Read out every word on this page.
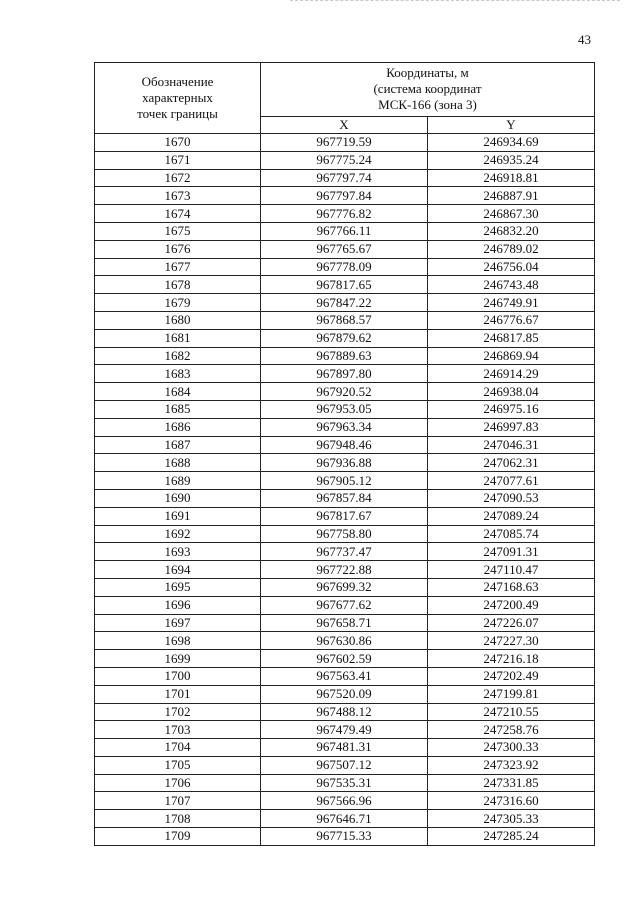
43
Обозначение
характерных
точек границы	Координаты, м
(система координат
МСК-166 (зона 3)	

	X	Y
1670	967719.59	246934.69
1671	967775.24	246935.24
1672	967797.74	246918.81
1673	967797.84	246887.91
1674	967776.82	246867.30
1675	967766.11	246832.20
1676	967765.67	246789.02
1677	967778.09	246756.04
1678	967817.65	246743.48
1679	967847.22	246749.91
1680	967868.57	246776.67
1681	967879.62	246817.85
1682	967889.63	246869.94
1683	967897.80	246914.29
1684	967920.52	246938.04
1685	967953.05	246975.16
1686	967963.34	246997.83
1687	967948.46	247046.31
1688	967936.88	247062.31
1689	967905.12	247077.61
1690	967857.84	247090.53
1691	967817.67	247089.24
1692	967758.80	247085.74
1693	967737.47	247091.31
1694	967722.88	247110.47
1695	967699.32	247168.63
1696	967677.62	247200.49
1697	967658.71	247226.07
1698	967630.86	247227.30
1699	967602.59	247216.18
1700	967563.41	247202.49
1701	967520.09	247199.81
1702	967488.12	247210.55
1703	967479.49	247258.76
1704	967481.31	247300.33
1705	967507.12	247323.92
1706	967535.31	247331.85
1707	967566.96	247316.60
1708	967646.71	247305.33
1709	967715.33	247285.24
